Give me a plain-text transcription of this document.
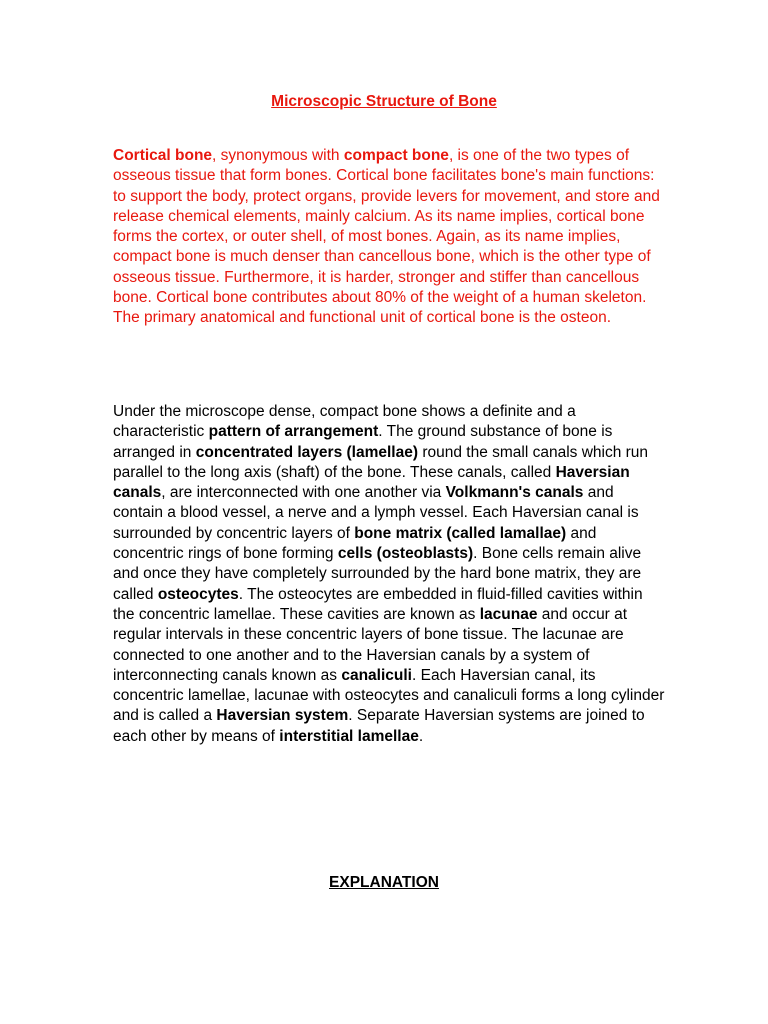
Microscopic Structure of Bone

Cortical bone, synonymous with compact bone, is one of the two types of osseous tissue that form bones. Cortical bone facilitates bone's main functions: to support the body, protect organs, provide levers for movement, and store and release chemical elements, mainly calcium. As its name implies, cortical bone forms the cortex, or outer shell, of most bones. Again, as its name implies, compact bone is much denser than cancellous bone, which is the other type of osseous tissue. Furthermore, it is harder, stronger and stiffer than cancellous bone. Cortical bone contributes about 80% of the weight of a human skeleton. The primary anatomical and functional unit of cortical bone is the osteon.

Under the microscope dense, compact bone shows a definite and a characteristic pattern of arrangement. The ground substance of bone is arranged in concentrated layers (lamellae) round the small canals which run parallel to the long axis (shaft) of the bone. These canals, called Haversian canals, are interconnected with one another via Volkmann's canals and contain a blood vessel, a nerve and a lymph vessel. Each Haversian canal is surrounded by concentric layers of bone matrix (called lamallae) and concentric rings of bone forming cells (osteoblasts). Bone cells remain alive and once they have completely surrounded by the hard bone matrix, they are called osteocytes. The osteocytes are embedded in fluid-filled cavities within the concentric lamellae. These cavities are known as lacunae and occur at regular intervals in these concentric layers of bone tissue. The lacunae are connected to one another and to the Haversian canals by a system of interconnecting canals known as canaliculi. Each Haversian canal, its concentric lamellae, lacunae with osteocytes and canaliculi forms a long cylinder and is called a Haversian system. Separate Haversian systems are joined to each other by means of interstitial lamellae.

EXPLANATION
